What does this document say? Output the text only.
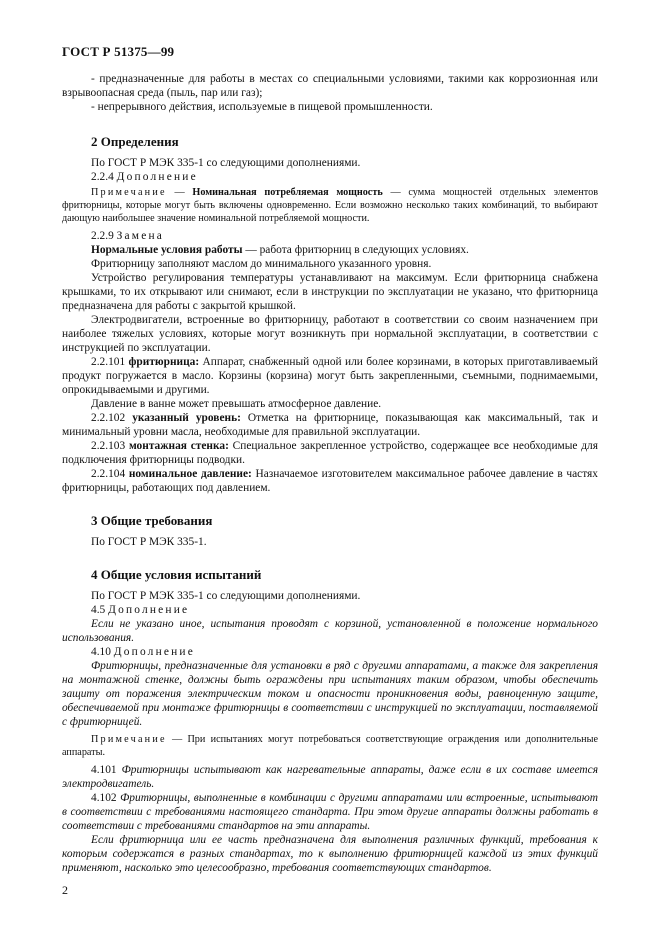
ГОСТ Р 51375—99

- предназначенные для работы в местах со специальными условиями, такими как коррозионная или взрывоопасная среда (пыль, пар или газ);

- непрерывного действия, используемые в пищевой промышленности.

2 Определения

По ГОСТ Р МЭК 335-1 со следующими дополнениями.

2.2.4 Дополнение

Примечание — Номинальная потребляемая мощность — сумма мощностей отдельных элементов фритюрницы, которые могут быть включены одновременно. Если возможно несколько таких комбинаций, то выбирают дающую наибольшее значение номинальной потребляемой мощности.

2.2.9 Замена

Нормальные условия работы — работа фритюрниц в следующих условиях.

Фритюрницу заполняют маслом до минимального указанного уровня.

Устройство регулирования температуры устанавливают на максимум. Если фритюрница снабжена крышками, то их открывают или снимают, если в инструкции по эксплуатации не указано, что фритюрница предназначена для работы с закрытой крышкой.

Электродвигатели, встроенные во фритюрницу, работают в соответствии со своим назначением при наиболее тяжелых условиях, которые могут возникнуть при нормальной эксплуатации, в соответствии с инструкцией по эксплуатации.

2.2.101 фритюрница: Аппарат, снабженный одной или более корзинами, в которых приготавливаемый продукт погружается в масло. Корзины (корзина) могут быть закрепленными, съемными, поднимаемыми, опрокидываемыми и другими.

Давление в ванне может превышать атмосферное давление.

2.2.102 указанный уровень: Отметка на фритюрнице, показывающая как максимальный, так и минимальный уровни масла, необходимые для правильной эксплуатации.

2.2.103 монтажная стенка: Специальное закрепленное устройство, содержащее все необходимые для подключения фритюрницы подводки.

2.2.104 номинальное давление: Назначаемое изготовителем максимальное рабочее давление в частях фритюрницы, работающих под давлением.

3 Общие требования

По ГОСТ Р МЭК 335-1.

4 Общие условия испытаний

По ГОСТ Р МЭК 335-1 со следующими дополнениями.

4.5 Дополнение

Если не указано иное, испытания проводят с корзиной, установленной в положение нормального использования.

4.10 Дополнение

Фритюрницы, предназначенные для установки в ряд с другими аппаратами, а также для закрепления на монтажной стенке, должны быть ограждены при испытаниях таким образом, чтобы обеспечить защиту от поражения электрическим током и опасности проникновения воды, равноценную защите, обеспечиваемой при монтаже фритюрницы в соответствии с инструкцией по эксплуатации, поставляемой с фритюрницей.

Примечание — При испытаниях могут потребоваться соответствующие ограждения или дополнительные аппараты.

4.101 Фритюрницы испытывают как нагревательные аппараты, даже если в их составе имеется электродвигатель.

4.102 Фритюрницы, выполненные в комбинации с другими аппаратами или встроенные, испытывают в соответствии с требованиями настоящего стандарта. При этом другие аппараты должны работать в соответствии с требованиями стандартов на эти аппараты.

Если фритюрница или ее часть предназначена для выполнения различных функций, требования к которым содержатся в разных стандартах, то к выполнению фритюрницей каждой из этих функций применяют, насколько это целесообразно, требования соответствующих стандартов.

2
